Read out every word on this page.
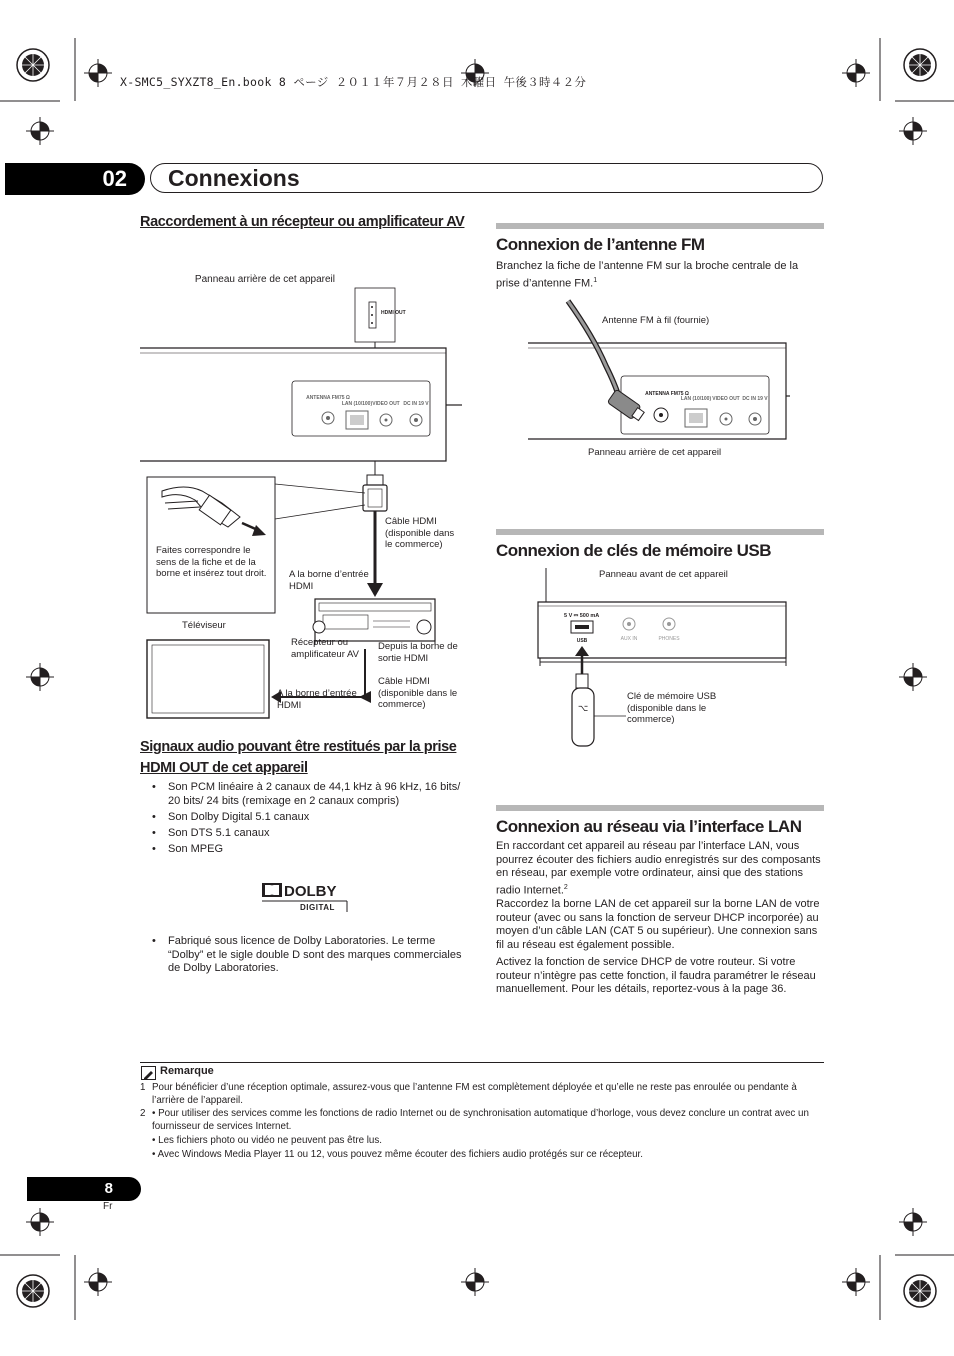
X-SMC5_SYXZT8_En.book 8 ページ ２０１１年７月２８日 木曜日 午後３時４２分
02	Connexions
Raccordement à un récepteur ou amplificateur AV
Panneau arrière de cet appareil
HDMI OUT
ANTENNA FM75 Ω
LAN (10/100) VIDEO OUT DC IN 19 V
Faites correspondre le sens de la fiche et de la borne et insérez tout droit.
Câble HDMI (disponible dans le commerce)
A la borne d’entrée HDMI
Téléviseur
Récepteur ou amplificateur AV
Depuis la borne de sortie HDMI
Câble HDMI (disponible dans le commerce)
A la borne d’entrée HDMI
Signaux audio pouvant être restitués par la prise HDMI OUT de cet appareil
• Son PCM linéaire à 2 canaux de 44,1 kHz à 96 kHz, 16 bits/ 20 bits/ 24 bits (remixage en 2 canaux compris)
• Son Dolby Digital 5.1 canaux
• Son DTS 5.1 canaux
• Son MPEG
DOLBY
DIGITAL
• Fabriqué sous licence de Dolby Laboratories. Le terme “Dolby” et le sigle double D sont des marques commerciales de Dolby Laboratories.
Connexion de l’antenne FM
Branchez la fiche de l’antenne FM sur la broche centrale de la prise d’antenne FM.$^1$
ANTENNA FM75 Ω
LAN (10/100) VIDEO OUT DC IN 19 V
Antenne FM à fil (fournie)
Panneau arrière de cet appareil
Connexion de clés de mémoire USB
5 V ⎓ 500 mA
USB	AUX IN	PHONES
⌥
Panneau avant de cet appareil
Clé de mémoire USB (disponible dans le commerce)
Connexion au réseau via l’interface LAN
En raccordant cet appareil au réseau par l’interface LAN, vous pourrez écouter des fichiers audio enregistrés sur des composants en réseau, par exemple votre ordinateur, ainsi que des stations radio Internet.$^2$
Raccordez la borne LAN de cet appareil sur la borne LAN de votre routeur (avec ou sans la fonction de serveur DHCP incorporée) au moyen d’un câble LAN (CAT 5 ou supérieur). Une connexion sans fil au réseau est également possible.
Activez la fonction de service DHCP de votre routeur. Si votre routeur n’intègre pas cette fonction, il faudra paramétrer le réseau manuellement. Pour les détails, reportez-vous à la page 36.
Remarque
1 Pour bénéficier d’une réception optimale, assurez-vous que l’antenne FM est complètement déployée et qu’elle ne reste pas enroulée ou pendante à l’arrière de l’appareil.
2 • Pour utiliser des services comme les fonctions de radio Internet ou de synchronisation automatique d’horloge, vous devez conclure un contrat avec un fournisseur de services Internet.
• Les fichiers photo ou vidéo ne peuvent pas être lus.
• Avec Windows Media Player 11 ou 12, vous pouvez même écouter des fichiers audio protégés sur ce récepteur.
8
Fr
